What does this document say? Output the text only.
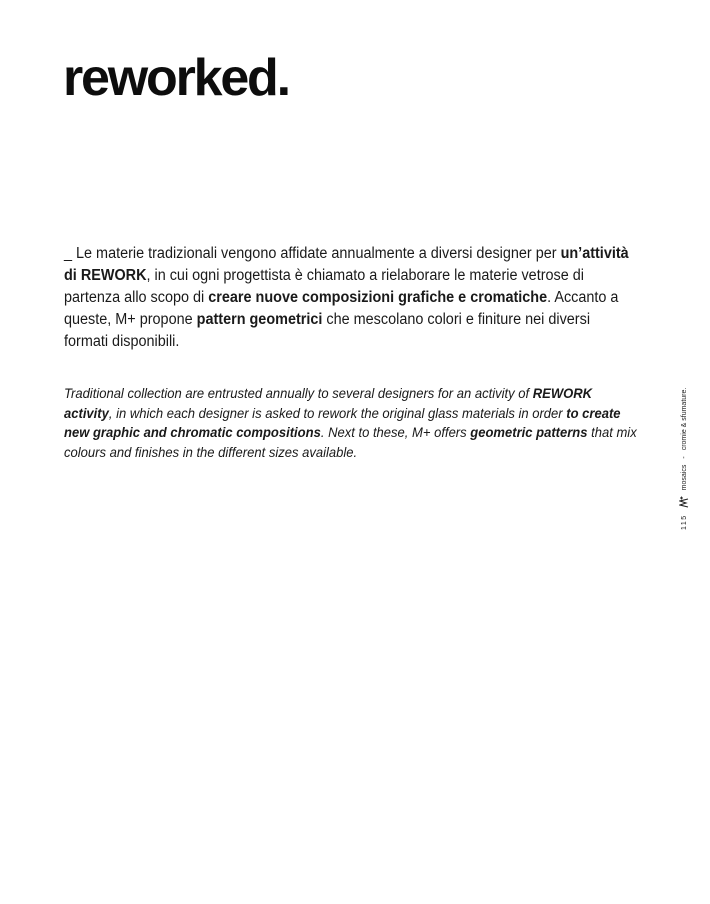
reworked.

_ Le materie tradizionali vengono affidate annualmente a diversi designer per un’attività di REWORK, in cui ogni progettista è chiamato a rielaborare le materie vetrose di partenza allo scopo di creare nuove composizioni grafiche e cromatiche. Accanto a queste, M+ propone pattern geometrici che mescolano colori e finiture nei diversi formati disponibili.

Traditional collection are entrusted annually to several designers for an activity of REWORK activity, in which each designer is asked to rework the original glass materials in order to create new graphic and chromatic compositions. Next to these, M+ offers geometric patterns that mix colours and finishes in the different sizes available.

115
mosaics
-
cromie & sfumature.
